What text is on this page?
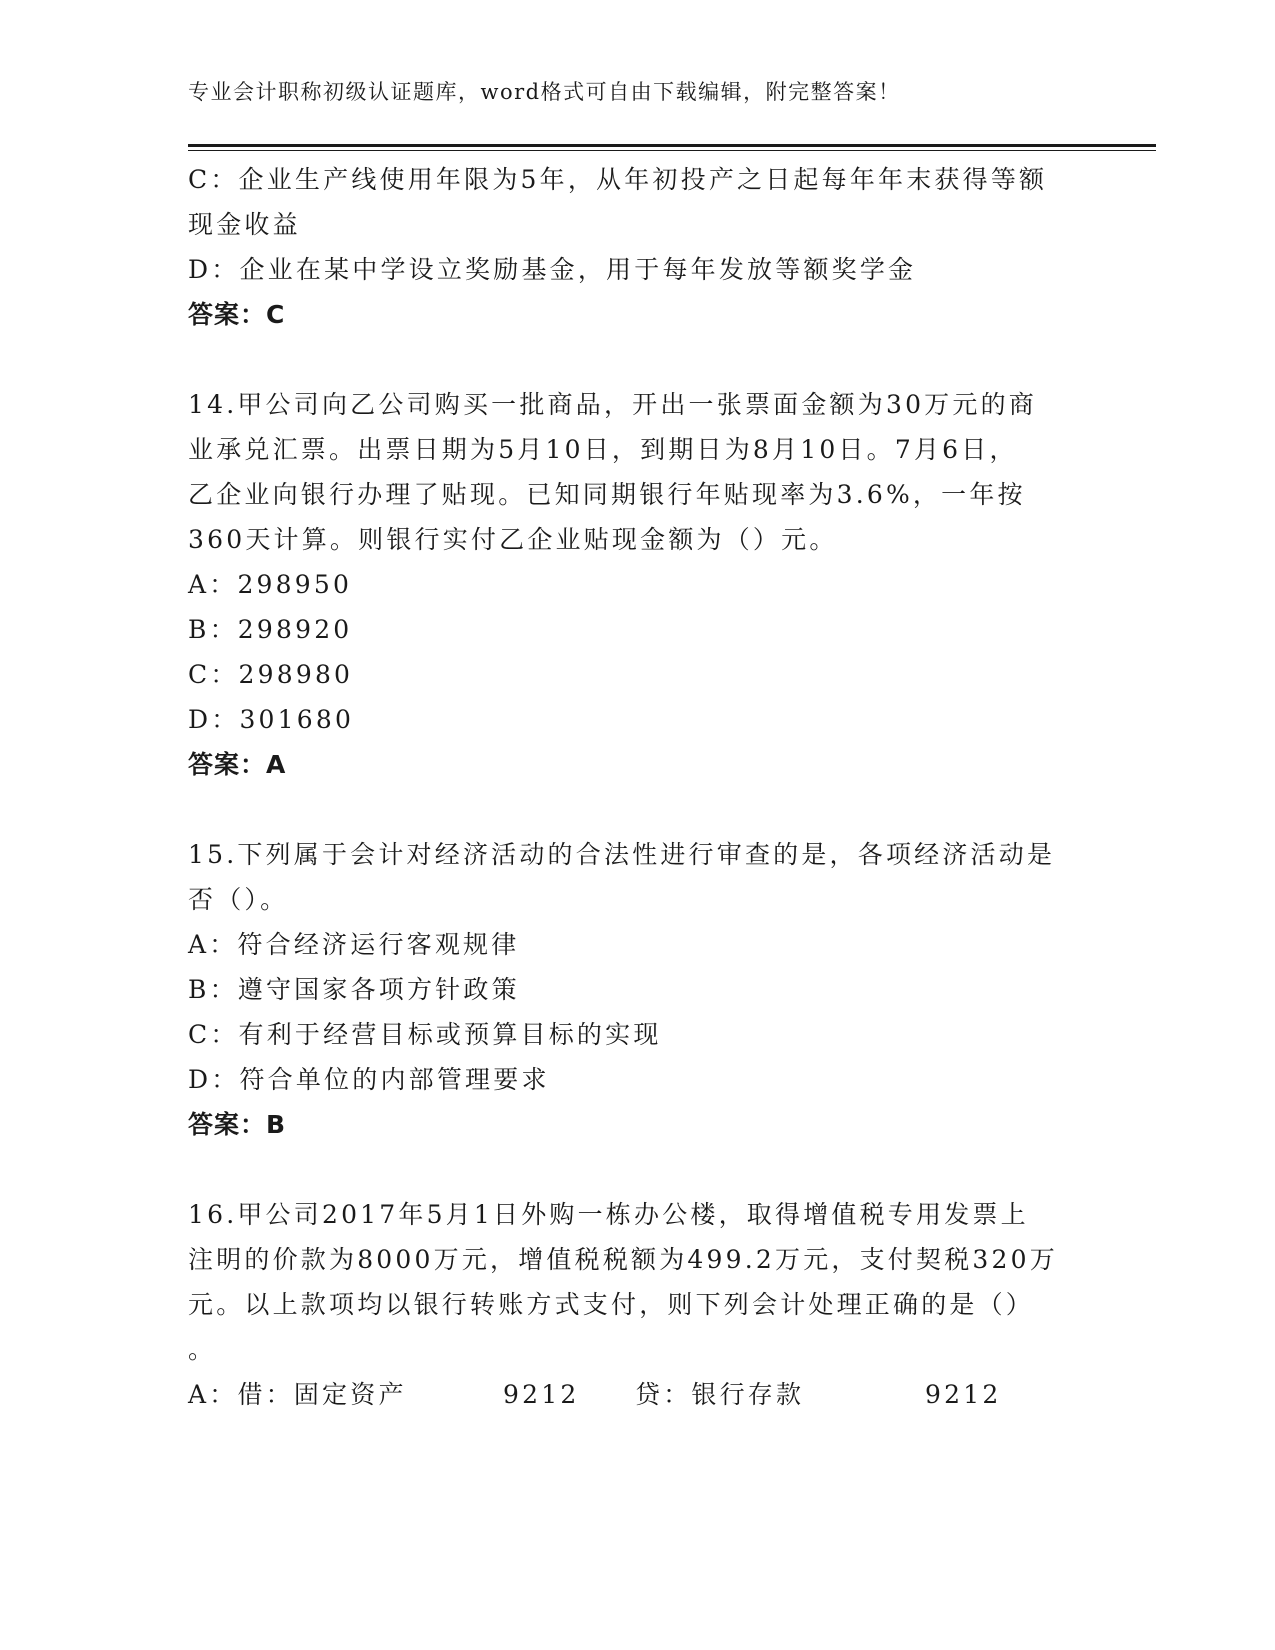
专业会计职称初级认证题库，word格式可自由下载编辑，附完整答案！
C：企业生产线使用年限为5年，从年初投产之日起每年年末获得等额
现金收益
D：企业在某中学设立奖励基金，用于每年发放等额奖学金
答案：C
14.甲公司向乙公司购买一批商品，开出一张票面金额为30万元的商
业承兑汇票。出票日期为5月10日，到期日为8月10日。7月6日，
乙企业向银行办理了贴现。已知同期银行年贴现率为3.6%，一年按
360天计算。则银行实付乙企业贴现金额为（）元。
A：298950
B：298920
C：298980
D：301680
答案：A
15.下列属于会计对经济活动的合法性进行审查的是，各项经济活动是
否（）。
A：符合经济运行客观规律
B：遵守国家各项方针政策
C：有利于经营目标或预算目标的实现
D：符合单位的内部管理要求
答案：B
16.甲公司2017年5月1日外购一栋办公楼，取得增值税专用发票上
注明的价款为8000万元，增值税税额为499.2万元，支付契税320万
元。以上款项均以银行转账方式支付，则下列会计处理正确的是（）
。
A：借：固定资产	9212 贷：银行存款	9212
